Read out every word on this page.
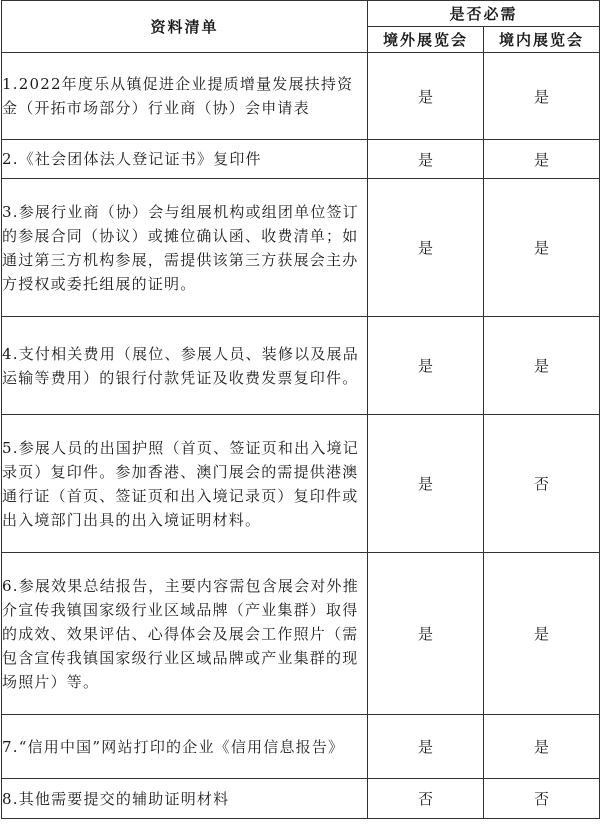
资料清单	是否必需	
	境外展览会	境内展览会
1.2022年度乐从镇促进企业提质增量发展扶持资金（开拓市场部分）行业商（协）会申请表	是	是
2.《社会团体法人登记证书》复印件	是	是
3.参展行业商（协）会与组展机构或组团单位签订的参展合同（协议）或摊位确认函、收费清单；如通过第三方机构参展，需提供该第三方获展会主办方授权或委托组展的证明。	是	是
4.支付相关费用（展位、参展人员、装修以及展品运输等费用）的银行付款凭证及收费发票复印件。	是	是
5.参展人员的出国护照（首页、签证页和出入境记录页）复印件。参加香港、澳门展会的需提供港澳通行证（首页、签证页和出入境记录页）复印件或出入境部门出具的出入境证明材料。	是	否
6.参展效果总结报告，主要内容需包含展会对外推介宣传我镇国家级行业区域品牌（产业集群）取得的成效、效果评估、心得体会及展会工作照片（需包含宣传我镇国家级行业区域品牌或产业集群的现场照片）等。	是	是
7.“信用中国”网站打印的企业《信用信息报告》	是	是
8.其他需要提交的辅助证明材料	否	否
